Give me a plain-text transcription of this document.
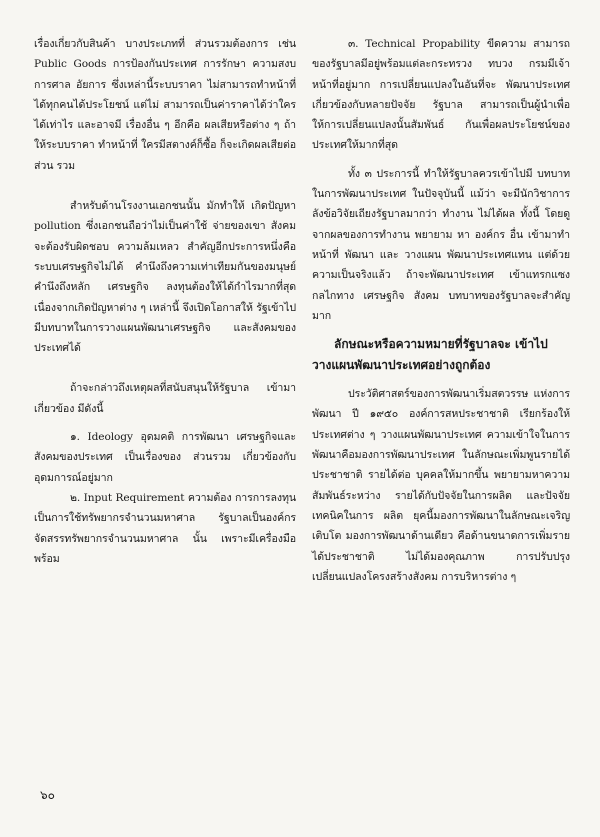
เรื่องเกี่ยวกับสินค้า บางประเภทที่ ส่วนรวมต้องการ เช่น Public Goods การป้องกันประเทศ การรักษา ความสงบ การศาล อัยการ ซึ่งเหล่านี้ระบบราคา ไม่สามารถทำหน้าที่ได้ทุกคนได้ประโยชน์ แต่ไม่ สามารถเป็นค่าราคาได้ว่าใครได้เท่าไร และอาจมี เรื่องอื่น ๆ อีกคือ ผลเสียหรือต่าง ๆ ถ้าให้ระบบราคา ทำหน้าที่ ใครมีสตางค์ก็ซื้อ ก็จะเกิดผลเสียต่อส่วน รวม

สำหรับด้านโรงงานเอกชนนั้น มักทำให้ เกิดปัญหา pollution ซึ่งเอกชนถือว่าไม่เป็นค่าใช้ จ่ายของเขา สังคมจะต้องรับผิดชอบ ความล้มเหลว สำคัญอีกประการหนึ่งคือ ระบบเศรษฐกิจไม่ได้ คำนึงถึงความเท่าเทียมกันของมนุษย์ คำนึงถึงหลัก เศรษฐกิจ ลงทุนต้องให้ได้กำไรมากที่สุด เนื่องจากเกิดปัญหาต่าง ๆ เหล่านี้ จึงเปิดโอกาสให้ รัฐเข้าไปมีบทบาทในการวางแผนพัฒนาเศรษฐกิจ และสังคมของประเทศได้

ถ้าจะกล่าวถึงเหตุผลที่สนับสนุนให้รัฐบาล เข้ามาเกี่ยวข้อง มีดังนี้

๑. Ideology อุดมคติ การพัฒนา เศรษฐกิจและสังคมของประเทศ เป็นเรื่องของ ส่วนรวม เกี่ยวข้องกับอุดมการณ์อยู่มาก

๒. Input Requirement ความต้อง การการลงทุน เป็นการใช้ทรัพยากรจำนวนมหาศาล รัฐบาลเป็นองค์กรจัดสรรทรัพยากรจำนวนมหาศาล นั้น เพราะมีเครื่องมือพร้อม

๓. Technical Propability ขีดความ สามารถของรัฐบาลมีอยู่พร้อมแต่ละกระทรวง ทบวง กรมมีเจ้าหน้าที่อยู่มาก การเปลี่ยนแปลงในอันที่จะ พัฒนาประเทศเกี่ยวข้องกับหลายปัจจัย รัฐบาล สามารถเป็นผู้นำเพื่อให้การเปลี่ยนแปลงนั้นสัมพันธ์ กันเพื่อผลประโยชน์ของประเทศให้มากที่สุด

ทั้ง ๓ ประการนี้ ทำให้รัฐบาลควรเข้าไปมี บทบาทในการพัฒนาประเทศ ในปัจจุบันนี้ แม้ว่า จะมีนักวิชาการ ลังข้อวิจัยเถียงรัฐบาลมากว่า ทำงาน ไม่ได้ผล ทั้งนี้ โดยดูจากผลของการทำงาน พยายาม หา องค์กร อื่น เข้ามาทำ หน้าที่ พัฒนา และ วางแผน พัฒนาประเทศแทน แต่ด้วยความเป็นจริงแล้ว ถ้าจะพัฒนาประเทศ เข้าแทรกแซงกลไกทาง เศรษฐกิจ สังคม บทบาทของรัฐบาลจะสำคัญมาก

ลักษณะหรือความหมายที่รัฐบาลจะ เข้าไปวางแผนพัฒนาประเทศอย่างถูกต้อง

ประวัติศาสตร์ของการพัฒนาเริ่มสตวรรษ แห่งการพัฒนา ปี ๑๙๕๐ องค์การสหประชาชาติ เรียกร้องให้ประเทศต่าง ๆ วางแผนพัฒนาประเทศ ความเข้าใจในการพัฒนาคือมองการพัฒนาประเทศ ในลักษณะเพิ่มพูนรายได้ประชาชาติ รายได้ต่อ บุคคลให้มากขึ้น พยายามหาความสัมพันธ์ระหว่าง รายได้กับปัจจัยในการผลิต และปัจจัยเทคนิคในการ ผลิต ยุคนี้มองการพัฒนาในลักษณะเจริญเติบโต มองการพัฒนาด้านเดียว คือด้านขนาดการเพิ่มราย ได้ประชาชาติ ไม่ได้มองคุณภาพ การปรับปรุง เปลี่ยนแปลงโครงสร้างสังคม การบริหารต่าง ๆ

๖๐
